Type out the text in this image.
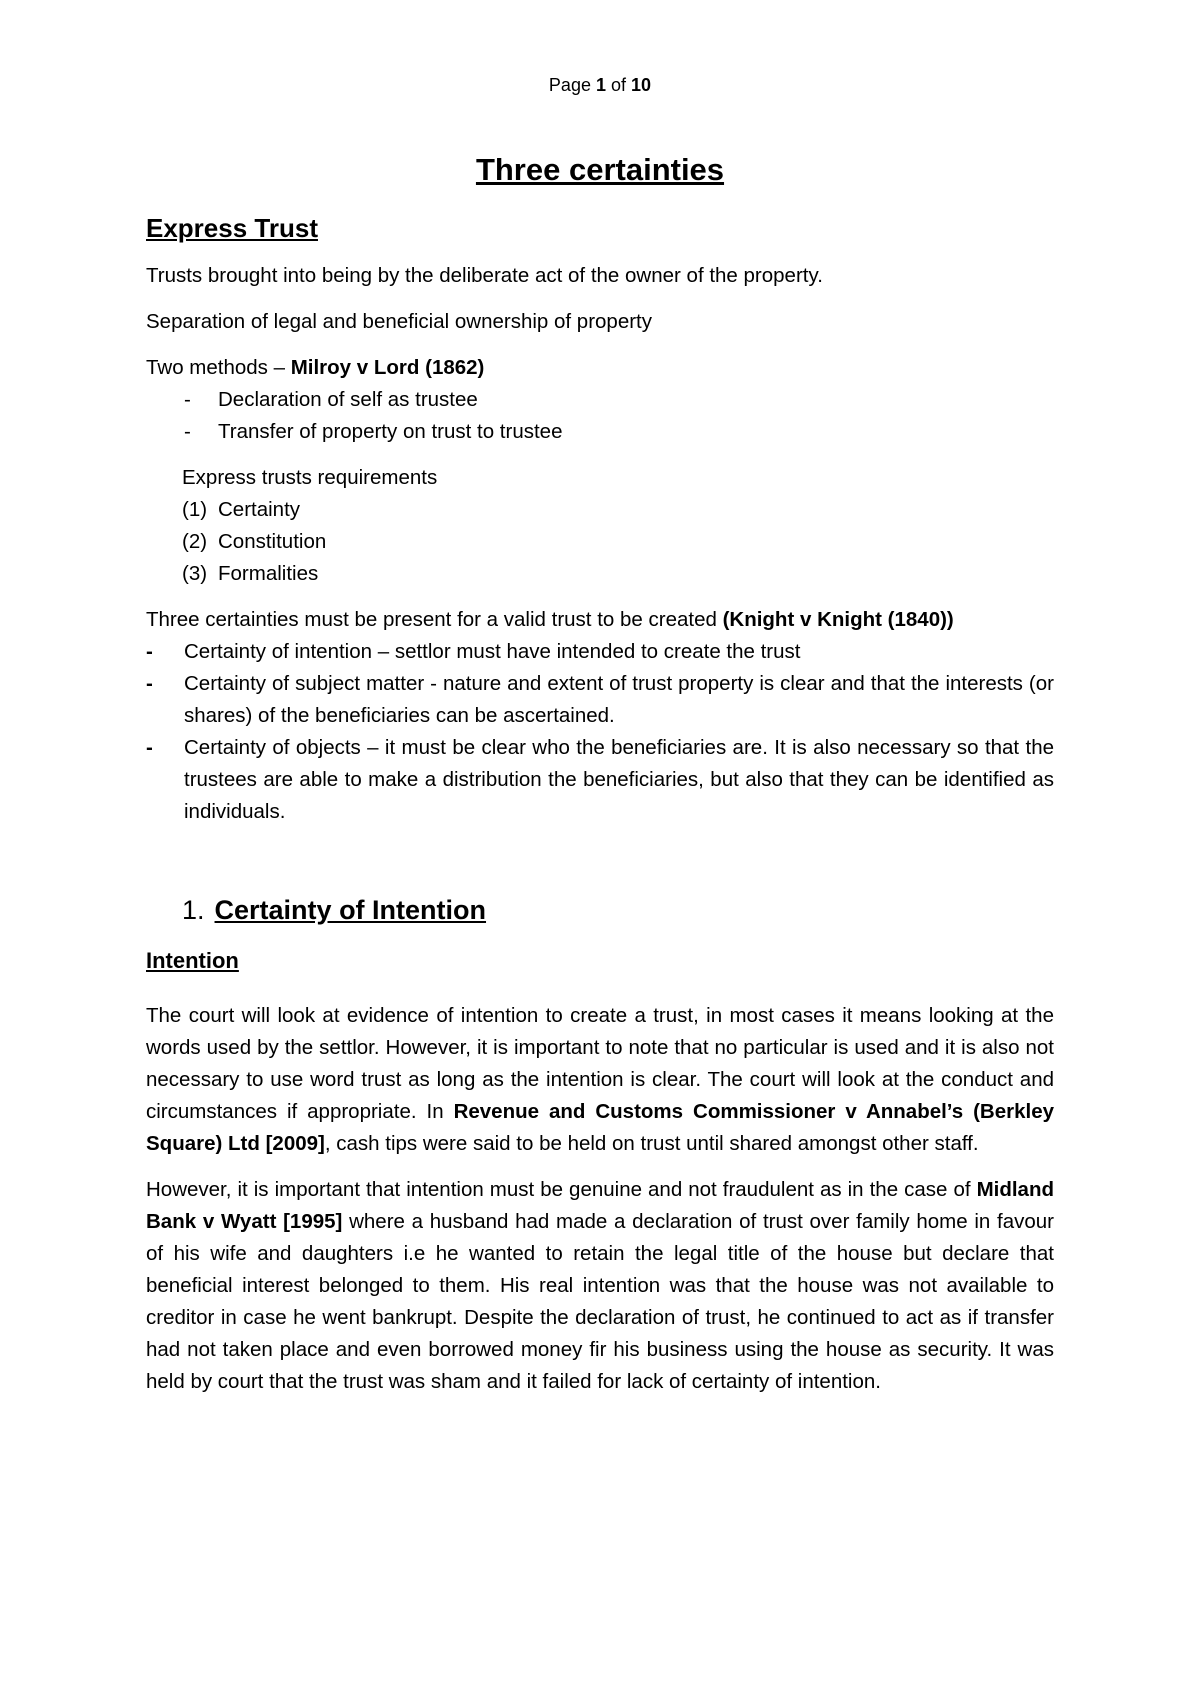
Page 1 of 10
Three certainties
Express Trust

Trusts brought into being by the deliberate act of the owner of the property.

Separation of legal and beneficial ownership of property

Two methods – Milroy v Lord (1862)

- Declaration of self as trustee
- Transfer of property on trust to trustee

Express trusts requirements

(1) Certainty
(2) Constitution
(3) Formalities

Three certainties must be present for a valid trust to be created (Knight v Knight (1840))

- Certainty of intention – settlor must have intended to create the trust
- Certainty of subject matter - nature and extent of trust property is clear and that the interests (or shares) of the beneficiaries can be ascertained.
- Certainty of objects – it must be clear who the beneficiaries are. It is also necessary so that the trustees are able to make a distribution the beneficiaries, but also that they can be identified as individuals.
1. Certainty of Intention
Intention

The court will look at evidence of intention to create a trust, in most cases it means looking at the words used by the settlor. However, it is important to note that no particular is used and it is also not necessary to use word trust as long as the intention is clear. The court will look at the conduct and circumstances if appropriate. In Revenue and Customs Commissioner v Annabel’s (Berkley Square) Ltd [2009], cash tips were said to be held on trust until shared amongst other staff.

However, it is important that intention must be genuine and not fraudulent as in the case of Midland Bank v Wyatt [1995] where a husband had made a declaration of trust over family home in favour of his wife and daughters i.e he wanted to retain the legal title of the house but declare that beneficial interest belonged to them. His real intention was that the house was not available to creditor in case he went bankrupt. Despite the declaration of trust, he continued to act as if transfer had not taken place and even borrowed money fir his business using the house as security. It was held by court that the trust was sham and it failed for lack of certainty of intention.
